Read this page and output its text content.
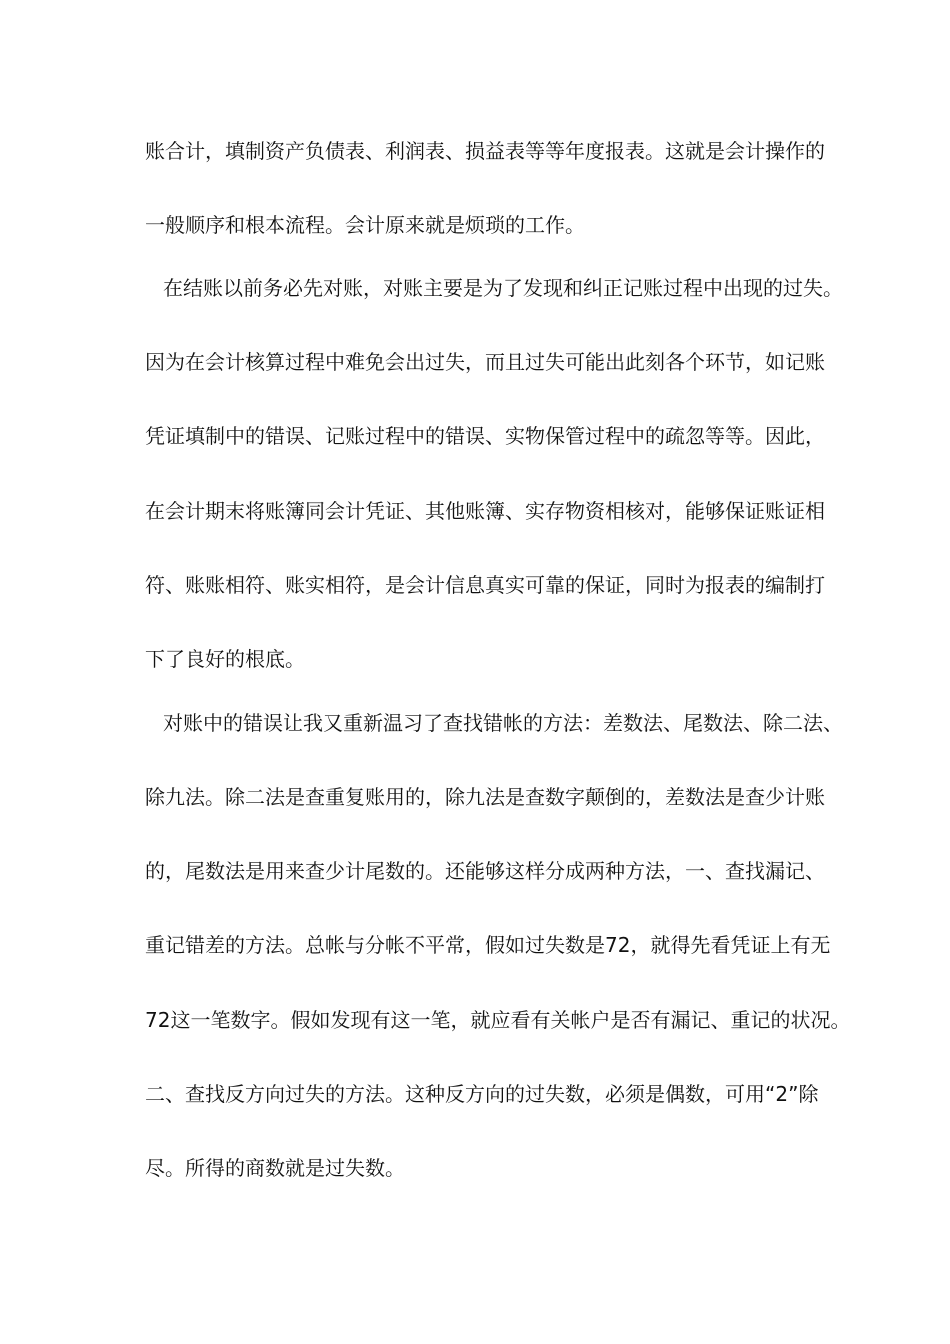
账合计，填制资产负债表、利润表、损益表等等年度报表。这就是会计操作的
一般顺序和根本流程。会计原来就是烦琐的工作。
在结账以前务必先对账，对账主要是为了发现和纠正记账过程中出现的过失。
因为在会计核算过程中难免会出过失，而且过失可能出此刻各个环节，如记账
凭证填制中的错误、记账过程中的错误、实物保管过程中的疏忽等等。因此，
在会计期末将账簿同会计凭证、其他账簿、实存物资相核对，能够保证账证相
符、账账相符、账实相符，是会计信息真实可靠的保证，同时为报表的编制打
下了良好的根底。
对账中的错误让我又重新温习了查找错帐的方法：差数法、尾数法、除二法、
除九法。除二法是查重复账用的，除九法是查数字颠倒的，差数法是查少计账
的，尾数法是用来查少计尾数的。还能够这样分成两种方法，一、查找漏记、
重记错差的方法。总帐与分帐不平常，假如过失数是72，就得先看凭证上有无
72这一笔数字。假如发现有这一笔，就应看有关帐户是否有漏记、重记的状况。
二、查找反方向过失的方法。这种反方向的过失数，必须是偶数，可用“2”除
尽。所得的商数就是过失数。
